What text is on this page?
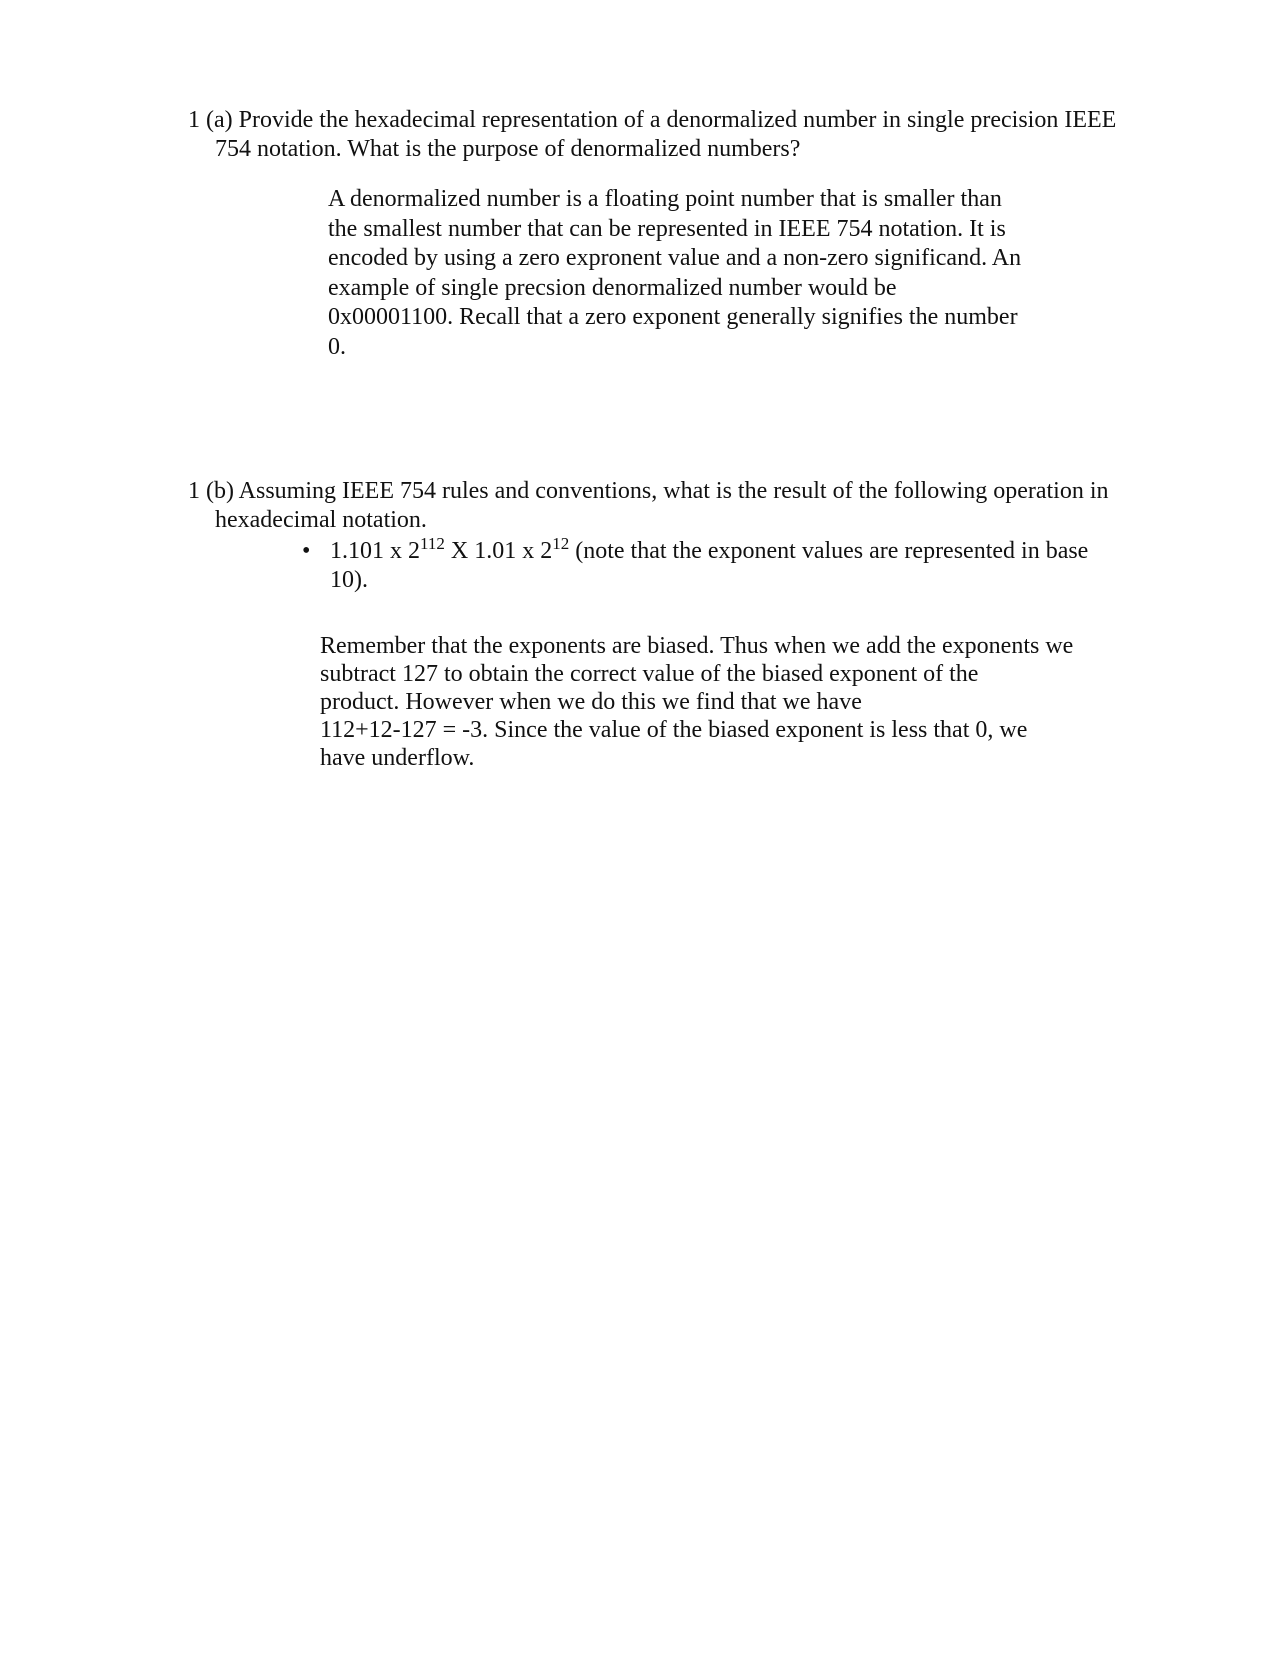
1 (a) Provide the hexadecimal representation of a denormalized number in single precision IEEE 754 notation. What is the purpose of denormalized numbers?

A denormalized number is a floating point number that is smaller than
the smallest number that can be represented in IEEE 754 notation. It is
encoded by using a zero expronent value and a non-zero significand. An
example of single precsion denormalized number would be
0x00001100. Recall that a zero exponent generally signifies the number
0.

1 (b) Assuming IEEE 754 rules and conventions, what is the result of the following operation in hexadecimal notation.

• 1.101 x $2^{112}$ X 1.01 x $2^{12}$ (note that the exponent values are represented in base 10).
Remember that the exponents are biased. Thus when we add the exponents we
subtract 127 to obtain the correct value of the biased exponent of the
product. However when we do this we find that we have
112+12-127 = -3. Since the value of the biased exponent is less that 0, we
have underflow.
